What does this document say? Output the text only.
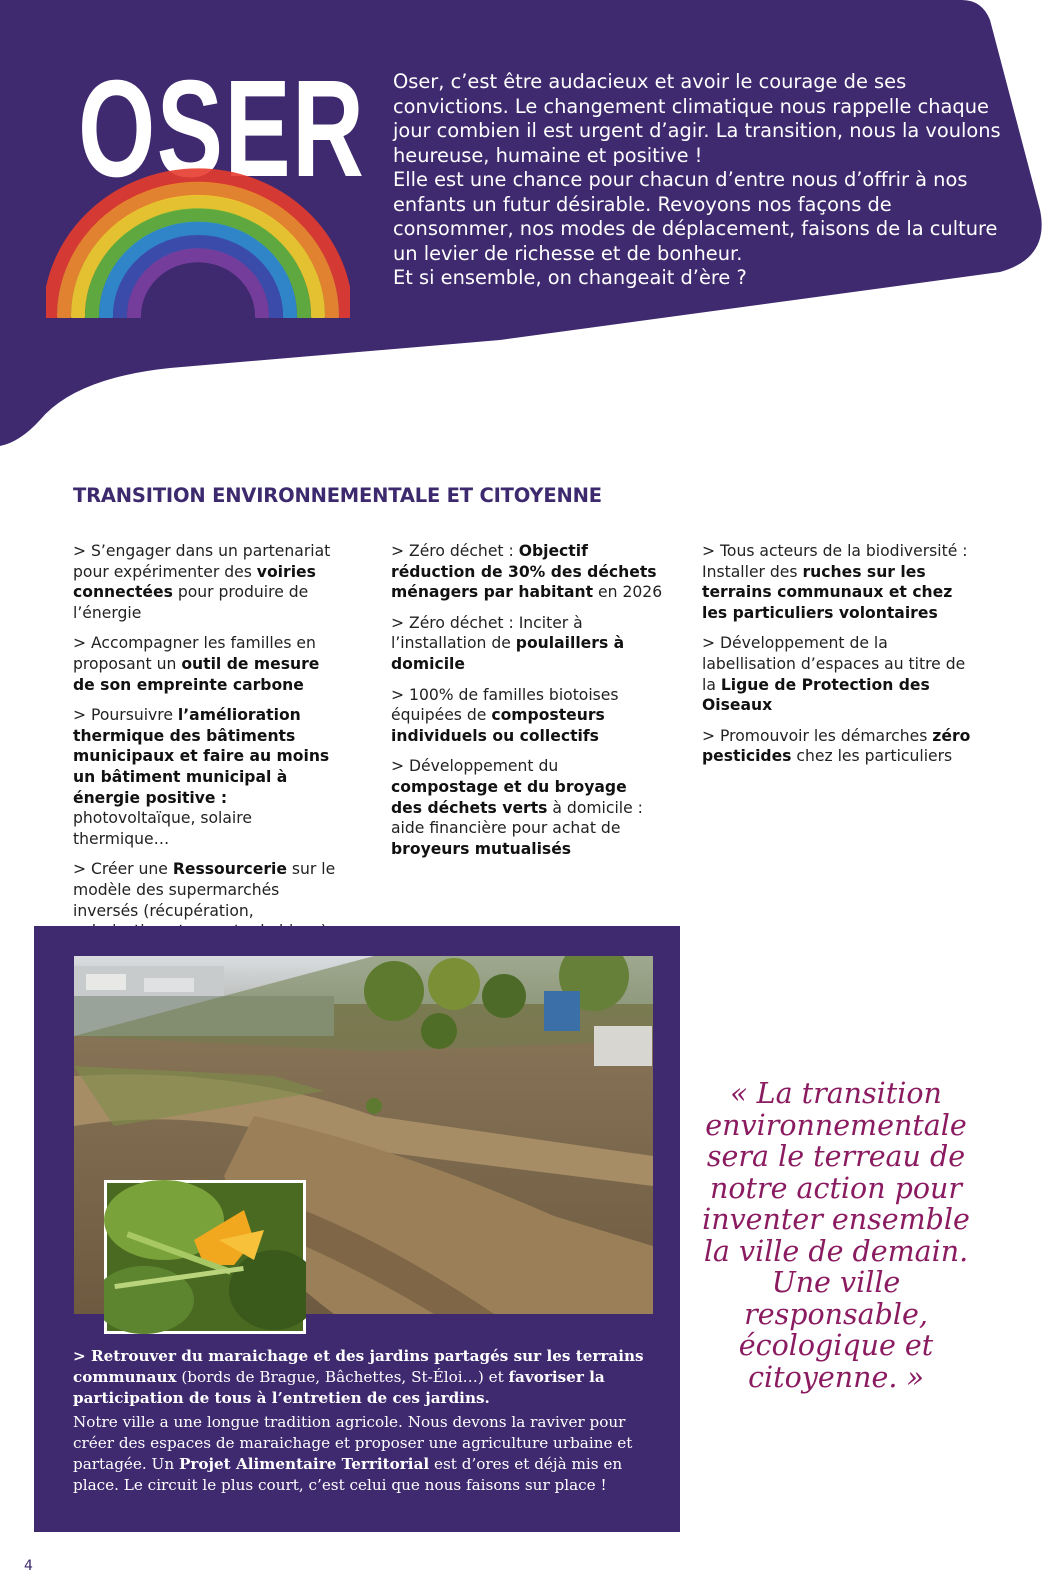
OSER Oser, c’est être audacieux et avoir le courage de ses convictions. Le changement climatique nous rappelle chaque jour combien il est urgent d’agir. La transition, nous la voulons heureuse, humaine et positive !

Elle est une chance pour chacun d’entre nous d’offrir à nos enfants un futur désirable. Revoyons nos façons de consommer, nos modes de déplacement, faisons de la culture un levier de richesse et de bonheur.

Et si ensemble, on changeait d’ère ?

TRANSITION ENVIRONNEMENTALE ET CITOYENNE

> S’engager dans un partenariat pour expérimenter des voiries connectées pour produire de l’énergie

> Accompagner les familles en proposant un outil de mesure de son empreinte carbone

> Poursuivre l’amélioration thermique des bâtiments municipaux et faire au moins un bâtiment municipal à énergie positive : photovoltaïque, solaire thermique…

> Créer une Ressourcerie sur le modèle des supermarchés inversés (récupération,

> Zéro déchet : Objectif réduction de 30% des déchets ménagers par habitant en 2026

> Zéro déchet : Inciter à l’installation de poulaillers à domicile

> 100% de familles biotoises équipées de composteurs individuels ou collectifs

> Développement du compostage et du broyage des déchets verts à domicile : aide financière pour achat de broyeurs mutualisés

> Tous acteurs de la biodiversité : Installer des ruches sur les terrains communaux et chez les particuliers volontaires

> Développement de la labellisation d’espaces au titre de la Ligue de Protection des Oiseaux

> Promouvoir les démarches zéro pesticides chez les particuliers

> Retrouver du maraichage et des jardins partagés sur les terrains communaux (bords de Brague, Bâchettes, St-Éloi…) et favoriser la participation de tous à l’entretien de ces jardins.

Notre ville a une longue tradition agricole. Nous devons la raviver pour créer des espaces de maraichage et proposer une agriculture urbaine et partagée. Un Projet Alimentaire Territorial est d’ores et déjà mis en place. Le circuit le plus court, c’est celui que nous faisons sur place !

« La transition environnementale sera le terreau de notre action pour inventer ensemble la ville de demain. Une ville responsable, écologique et citoyenne. »

4
